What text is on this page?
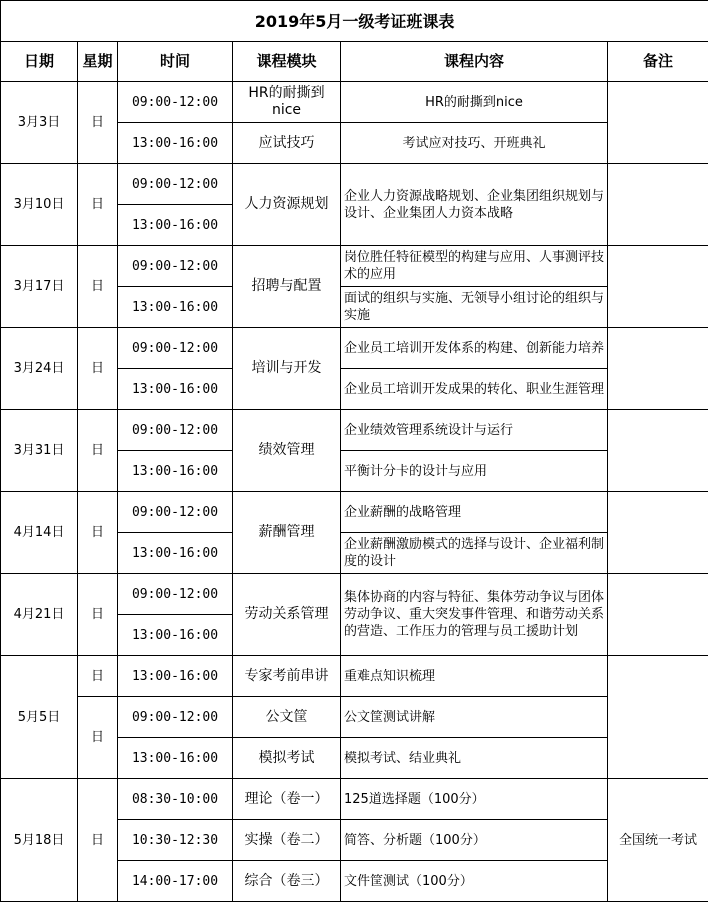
2019年5月一级考证班课表					
日期	星期	时间	课程模块	课程内容	备注
3月3日	日	09:00-12:00	HR的耐撕到nice	HR的耐撕到nice	
		13:00-16:00	应试技巧	考试应对技巧、开班典礼	
3月10日	日	09:00-12:00	人力资源规划	企业人力资源战略规划、企业集团组织规划与设计、企业集团人力资本战略	
		13:00-16:00			
3月17日	日	09:00-12:00	招聘与配置	岗位胜任特征模型的构建与应用、人事测评技术的应用	
		13:00-16:00		面试的组织与实施、无领导小组讨论的组织与实施	
3月24日	日	09:00-12:00	培训与开发	企业员工培训开发体系的构建、创新能力培养	
		13:00-16:00		企业员工培训开发成果的转化、职业生涯管理	
3月31日	日	09:00-12:00	绩效管理	企业绩效管理系统设计与运行	
		13:00-16:00		平衡计分卡的设计与应用	
4月14日	日	09:00-12:00	薪酬管理	企业薪酬的战略管理	
		13:00-16:00		企业薪酬激励模式的选择与设计、企业福利制度的设计	
4月21日	日	09:00-12:00	劳动关系管理	集体协商的内容与特征、集体劳动争议与团体劳动争议、重大突发事件管理、和谐劳动关系的营造、工作压力的管理与员工援助计划	
		13:00-16:00			
5月5日	日	13:00-16:00	专家考前串讲	重难点知识梳理	
	日	09:00-12:00	公文筐	公文筐测试讲解	
		13:00-16:00	模拟考试	模拟考试、结业典礼	
5月18日	日	08:30-10:00	理论（卷一）	125道选择题（100分）	全国统一考试
		10:30-12:30	实操（卷二）	简答、分析题（100分）	
		14:00-17:00	综合（卷三）	文件筐测试（100分）	
